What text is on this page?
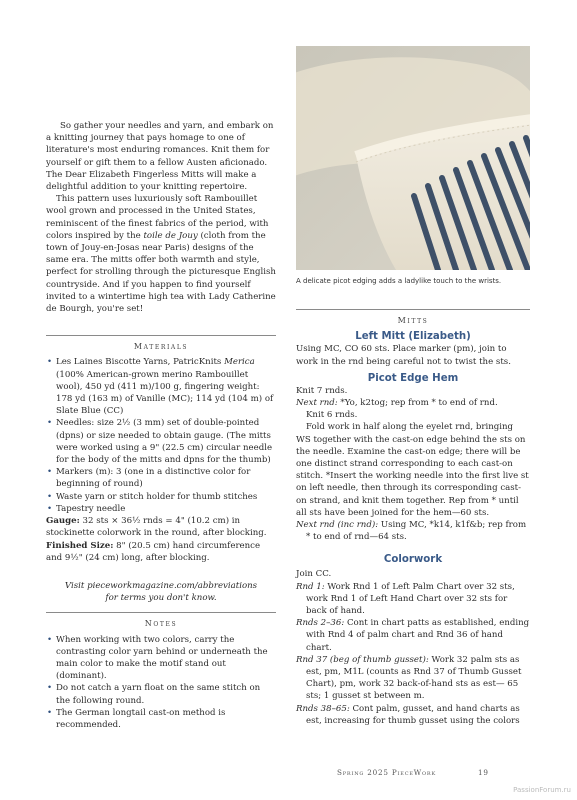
So gather your needles and yarn, and embark on a knitting journey that pays homage to one of literature's most enduring romances. Knit them for yourself or gift them to a fellow Austen aficionado. The Dear Elizabeth Fingerless Mitts will make a delightful addition to your knitting repertoire.

This pattern uses luxuriously soft Rambouillet wool grown and processed in the United States, reminiscent of the finest fabrics of the period, with colors inspired by the toile de Jouy (cloth from the town of Jouy-en-Josas near Paris) designs of the same era. The mitts offer both warmth and style, perfect for strolling through the picturesque English countryside. And if you happen to find yourself invited to a wintertime high tea with Lady Catherine de Bourgh, you're set!

Materials
• Les Laines Biscotte Yarns, PatricKnits Merica (100% American-grown merino Rambouillet wool), 450 yd (411 m)/100 g, fingering weight: 178 yd (163 m) of Vanille (MC); 114 yd (104 m) of Slate Blue (CC)
• Needles: size 2½ (3 mm) set of double-pointed (dpns) or size needed to obtain gauge. (The mitts were worked using a 9" (22.5 cm) circular needle for the body of the mitts and dpns for the thumb)
• Markers (m): 3 (one in a distinctive color for beginning of round)
• Waste yarn or stitch holder for thumb stitches
• Tapestry needle
Gauge: 32 sts × 36½ rnds = 4" (10.2 cm) in stockinette colorwork in the round, after blocking.
Finished Size: 8" (20.5 cm) hand circumference and 9½" (24 cm) long, after blocking.
Visit pieceworkmagazine.com/abbreviations for terms you don't know.
Notes
• When working with two colors, carry the contrasting color yarn behind or underneath the main color to make the motif stand out (dominant).
• Do not catch a yarn float on the same stitch on the following round.
• The German longtail cast-on method is recommended.
A delicate picot edging adds a ladylike touch to the wrists.
Mitts
Left Mitt (Elizabeth)
Using MC, CO 60 sts. Place marker (pm), join to work in the rnd being careful not to twist the sts.
Picot Edge Hem
Knit 7 rnds.
Next rnd: *Yo, k2tog; rep from * to end of rnd.
Knit 6 rnds.
Fold work in half along the eyelet rnd, bringing WS together with the cast-on edge behind the sts on the needle. Examine the cast-on edge; there will be one distinct strand corresponding to each cast-on stitch. *Insert the working needle into the first live st on left needle, then through its corresponding cast-on strand, and knit them together. Rep from * until all sts have been joined for the hem—60 sts.
Next rnd (inc rnd): Using MC, *k14, k1f&b; rep from * to end of rnd—64 sts.
Colorwork
Join CC.
Rnd 1: Work Rnd 1 of Left Palm Chart over 32 sts, work Rnd 1 of Left Hand Chart over 32 sts for back of hand.
Rnds 2–36: Cont in chart patts as established, ending with Rnd 4 of palm chart and Rnd 36 of hand chart.
Rnd 37 (beg of thumb gusset): Work 32 palm sts as est, pm, M1L (counts as Rnd 37 of Thumb Gusset Chart), pm, work 32 back-of-hand sts as est— 65 sts; 1 gusset st between m.
Rnds 38–65: Cont palm, gusset, and hand charts as est, increasing for thumb gusset using the colors
Spring 2025 PieceWork	19
PassionForum.ru
